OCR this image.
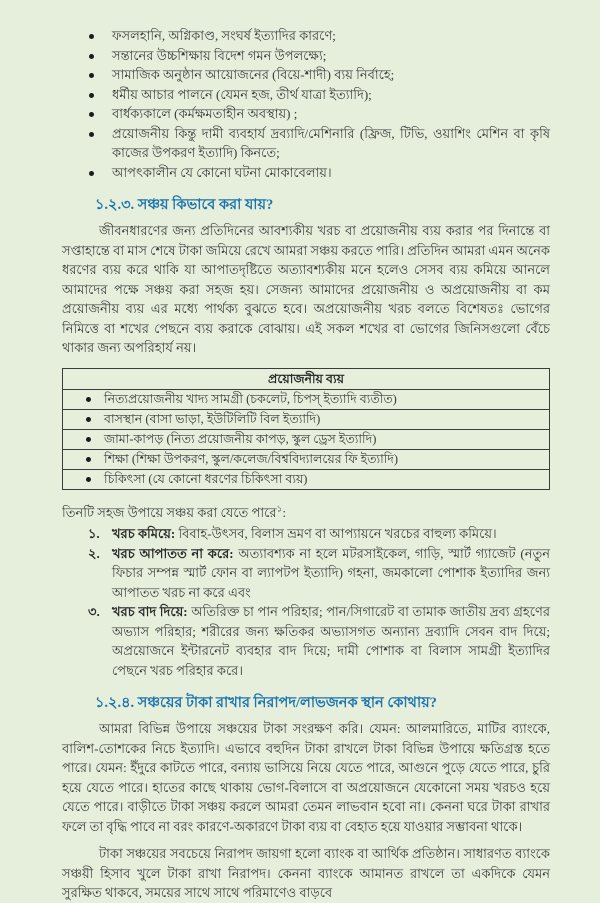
ফসলহানি, অগ্নিকাণ্ড, সংঘর্ষ ইত্যাদির কারণে;
সন্তানের উচ্চশিক্ষায় বিদেশ গমন উপলক্ষ্যে;
সামাজিক অনুষ্ঠান আয়োজনের (বিয়ে-শাদী) ব্যয় নির্বাহে;
ধর্মীয় আচার পালনে (যেমন হজ, তীর্থ যাত্রা ইত্যাদি);
বার্ধক্যকালে (কর্মক্ষমতাহীন অবস্থায়) ;
প্রয়োজনীয় কিন্তু দামী ব্যবহার্য দ্রব্যাদি/মেশিনারি (ফ্রিজ, টিভি, ওয়াশিং মেশিন বা কৃষি কাজের উপকরণ ইত্যাদি) কিনতে;
আপৎকালীন যে কোনো ঘটনা মোকাবেলায়।
১.২.৩. সঞ্চয় কিভাবে করা যায়?

জীবনধারণের জন্য প্রতিদিনের আবশ্যকীয় খরচ বা প্রয়োজনীয় ব্যয় করার পর দিনান্তে বা সপ্তাহান্তে বা মাস শেষে টাকা জমিয়ে রেখে আমরা সঞ্চয় করতে পারি। প্রতিদিন আমরা এমন অনেক ধরণের ব্যয় করে থাকি যা আপাতদৃষ্টিতে অত্যাবশ্যকীয় মনে হলেও সেসব ব্যয় কমিয়ে আনলে আমাদের পক্ষে সঞ্চয় করা সহজ হয়। সেজন্য আমাদের প্রয়োজনীয় ও অপ্রয়োজনীয় বা কম প্রয়োজনীয় ব্যয় এর মধ্যে পার্থক্য বুঝতে হবে। অপ্রয়োজনীয় খরচ বলতে বিশেষতঃ ভোগের নিমিত্তে বা শখের পেছনে ব্যয় করাকে বোঝায়। এই সকল শখের বা ভোগের জিনিসগুলো বেঁচে থাকার জন্য অপরিহার্য নয়।

প্রয়োজনীয় ব্যয়

নিত্যপ্রয়োজনীয় খাদ্য সামগ্রী (চকলেট, চিপস্ ইত্যাদি ব্যতীত)

বাসস্থান (বাসা ভাড়া, ইউটিলিটি বিল ইত্যাদি)

জামা-কাপড় (নিত্য প্রয়োজনীয় কাপড়, স্কুল ড্রেস ইত্যাদি)

শিক্ষা (শিক্ষা উপকরণ, স্কুল/কলেজ/বিশ্ববিদ্যালয়ের ফি ইত্যাদি)

চিকিৎসা (যে কোনো ধরণের চিকিৎসা ব্যয়)

তিনটি সহজ উপায়ে সঞ্চয় করা যেতে পারে$^১$:

১. খরচ কমিয়ে: বিবাহ-উৎসব, বিলাস ভ্রমণ বা আপ্যায়নে খরচের বাহুল্য কমিয়ে।
২. খরচ আপাতত না করে: অত্যাবশ্যক না হলে মটরসাইকেল, গাড়ি, স্মার্ট গ্যাজেট (নতুন ফিচার সম্পন্ন স্মার্ট ফোন বা ল্যাপটপ ইত্যাদি) গহনা, জমকালো পোশাক ইত্যাদির জন্য আপাতত খরচ না করে এবং
৩. খরচ বাদ দিয়ে: অতিরিক্ত চা পান পরিহার; পান/সিগারেট বা তামাক জাতীয় দ্রব্য গ্রহণের অভ্যাস পরিহার; শরীরের জন্য ক্ষতিকর অভ্যাসগত অন্যান্য দ্রব্যাদি সেবন বাদ দিয়ে; অপ্রয়োজনে ইন্টারনেট ব্যবহার বাদ দিয়ে; দামী পোশাক বা বিলাস সামগ্রী ইত্যাদির পেছনে খরচ পরিহার করে।
১.২.৪. সঞ্চয়ের টাকা রাখার নিরাপদ/লাভজনক স্থান কোথায়?

আমরা বিভিন্ন উপায়ে সঞ্চয়ের টাকা সংরক্ষণ করি। যেমন: আলমারিতে, মাটির ব্যাংকে, বালিশ-তোশকের নিচে ইত্যাদি। এভাবে বহুদিন টাকা রাখলে টাকা বিভিন্ন উপায়ে ক্ষতিগ্রস্ত হতে পারে। যেমন: ইঁদুরে কাটতে পারে, বন্যায় ভাসিয়ে নিয়ে যেতে পারে, আগুনে পুড়ে যেতে পারে, চুরি হয়ে যেতে পারে। হাতের কাছে থাকায় ভোগ-বিলাসে বা অপ্রয়োজনে যেকোনো সময় খরচও হয়ে যেতে পারে। বাড়ীতে টাকা সঞ্চয় করলে আমরা তেমন লাভবান হবো না। কেননা ঘরে টাকা রাখার ফলে তা বৃদ্ধি পাবে না বরং কারণে-অকারণে টাকা ব্যয় বা বেহাত হয়ে যাওয়ার সম্ভাবনা থাকে।

টাকা সঞ্চয়ের সবচেয়ে নিরাপদ জায়গা হলো ব্যাংক বা আর্থিক প্রতিষ্ঠান। সাধারণত ব্যাংকে সঞ্চয়ী হিসাব খুলে টাকা রাখা নিরাপদ। কেননা ব্যাংকে আমানত রাখলে তা একদিকে যেমন সুরক্ষিত থাকবে, সময়ের সাথে সাথে পরিমাণেও বাড়বে
